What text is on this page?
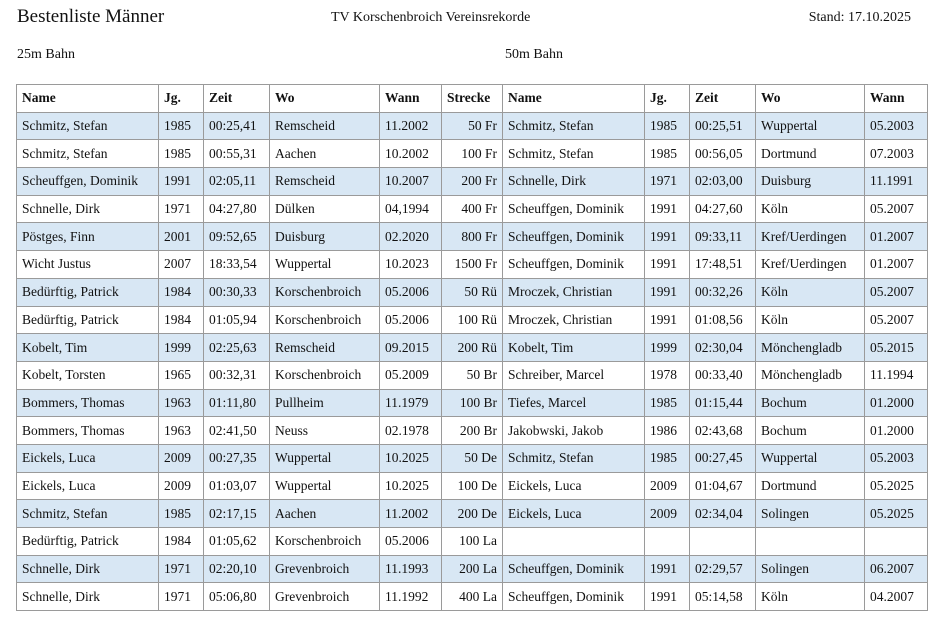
Bestenliste Männer	TV Korschenbroich Vereinsrekorde	Stand: 17.10.2025
25m Bahn	50m Bahn
Name	Jg.	Zeit	Wo	Wann	Strecke	Name	Jg.	Zeit	Wo	Wann
Schmitz, Stefan	1985	00:25,41	Remscheid	11.2002	50 Fr	Schmitz, Stefan	1985	00:25,51	Wuppertal	05.2003
Schmitz, Stefan	1985	00:55,31	Aachen	10.2002	100 Fr	Schmitz, Stefan	1985	00:56,05	Dortmund	07.2003
Scheuffgen, Dominik	1991	02:05,11	Remscheid	10.2007	200 Fr	Schnelle, Dirk	1971	02:03,00	Duisburg	11.1991
Schnelle, Dirk	1971	04:27,80	Dülken	04,1994	400 Fr	Scheuffgen, Dominik	1991	04:27,60	Köln	05.2007
Pöstges, Finn	2001	09:52,65	Duisburg	02.2020	800 Fr	Scheuffgen, Dominik	1991	09:33,11	Kref/Uerdingen	01.2007
Wicht Justus	2007	18:33,54	Wuppertal	10.2023	1500 Fr	Scheuffgen, Dominik	1991	17:48,51	Kref/Uerdingen	01.2007
Bedürftig, Patrick	1984	00:30,33	Korschenbroich	05.2006	50 Rü	Mroczek, Christian	1991	00:32,26	Köln	05.2007
Bedürftig, Patrick	1984	01:05,94	Korschenbroich	05.2006	100 Rü	Mroczek, Christian	1991	01:08,56	Köln	05.2007
Kobelt, Tim	1999	02:25,63	Remscheid	09.2015	200 Rü	Kobelt, Tim	1999	02:30,04	Mönchengladb	05.2015
Kobelt, Torsten	1965	00:32,31	Korschenbroich	05.2009	50 Br	Schreiber, Marcel	1978	00:33,40	Mönchengladb	11.1994
Bommers, Thomas	1963	01:11,80	Pullheim	11.1979	100 Br	Tiefes, Marcel	1985	01:15,44	Bochum	01.2000
Bommers, Thomas	1963	02:41,50	Neuss	02.1978	200 Br	Jakobwski, Jakob	1986	02:43,68	Bochum	01.2000
Eickels, Luca	2009	00:27,35	Wuppertal	10.2025	50 De	Schmitz, Stefan	1985	00:27,45	Wuppertal	05.2003
Eickels, Luca	2009	01:03,07	Wuppertal	10.2025	100 De	Eickels, Luca	2009	01:04,67	Dortmund	05.2025
Schmitz, Stefan	1985	02:17,15	Aachen	11.2002	200 De	Eickels, Luca	2009	02:34,04	Solingen	05.2025
Bedürftig, Patrick	1984	01:05,62	Korschenbroich	05.2006	100 La					
Schnelle, Dirk	1971	02:20,10	Grevenbroich	11.1993	200 La	Scheuffgen, Dominik	1991	02:29,57	Solingen	06.2007
Schnelle, Dirk	1971	05:06,80	Grevenbroich	11.1992	400 La	Scheuffgen, Dominik	1991	05:14,58	Köln	04.2007
